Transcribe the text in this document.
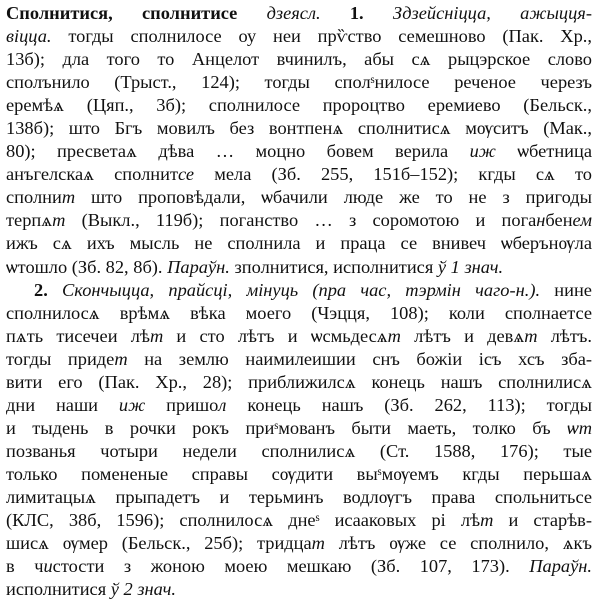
Сполнитися, сполнитисе дзеясл. 1. Здзейсніцца, ажыцця-
віцца. тогды сполнилосе оу неи прѷство семешново (Пак. Хр.,
13б); дла того то Анцелот вчинилъ, абы сѧ рыцэрское слово
сполънило (Трыст., 124); тогды сполˢнилосе реченое черезъ
еремѣѧ (Цяп., 3б); сполнилосе пророцтво еремиево (Бельск.,
138б); што Бгъ мовилъ без вонтпенѧ сполнитисѧ мѹситъ (Мак.,
80); пресветаѧ дѣва … моцно бовем верила иж ѡбетница
анъгелскаѧ сполнитсе мела (Зб. 255, 151б–152); кгды сѧ то
сполнит што проповѣдали, ѡбачили люде же то не з пригоды
терпѧт (Выкл., 119б); поганство … з соромотою и погaнбенем
ижъ сѧ ихъ мысль не сполнила и праца се внивеч ѡберънѹла
ѡтошло (Зб. 82, 8б). Параўн. зполнитися, исполнитися ў 1 знач.
2. Скончыцца, прайсці, мінуць (пра час, тэрмін чаго-н.). нине
сполнилосѧ врѣмѧ вѣка моего (Чэцця, 108); коли сполнаетсе
пѧть тисечеи лѣт и сто лѣтъ и ѡсмьдесѧт лѣтъ и девѧт лѣтъ.
тогды придет на землю наимилеишии снъ божіи ісъ хсъ зба-
вити его (Пак. Хр., 28); приближилсѧ конець нашъ сполнилисѧ
дни наши иж пришол конець нашъ (Зб. 262, 113); тогды
и тыдень в рочки рокъ приˢмованъ быти маеть, толко бъ ѡт
позванья чотыри недели сполнилисѧ (Ст. 1588, 176); тые
только помененые справы сѹдити выˢмѹемъ кгды перьшаѧ
лимитацыѧ прыпадетъ и терьминъ водлѹгъ права спольнитьсе
(КЛС, 38б, 1596); сполнилосѧ днеˢ исaaковых рі лѣт и старѣв-
шисѧ ѹмер (Бельск., 25б); тридцат лѣтъ ѹже се сполнило, ѧкъ
в чистости з жоною моею мешкаю (Зб. 107, 173). Параўн.
исполнитися ў 2 знач.
